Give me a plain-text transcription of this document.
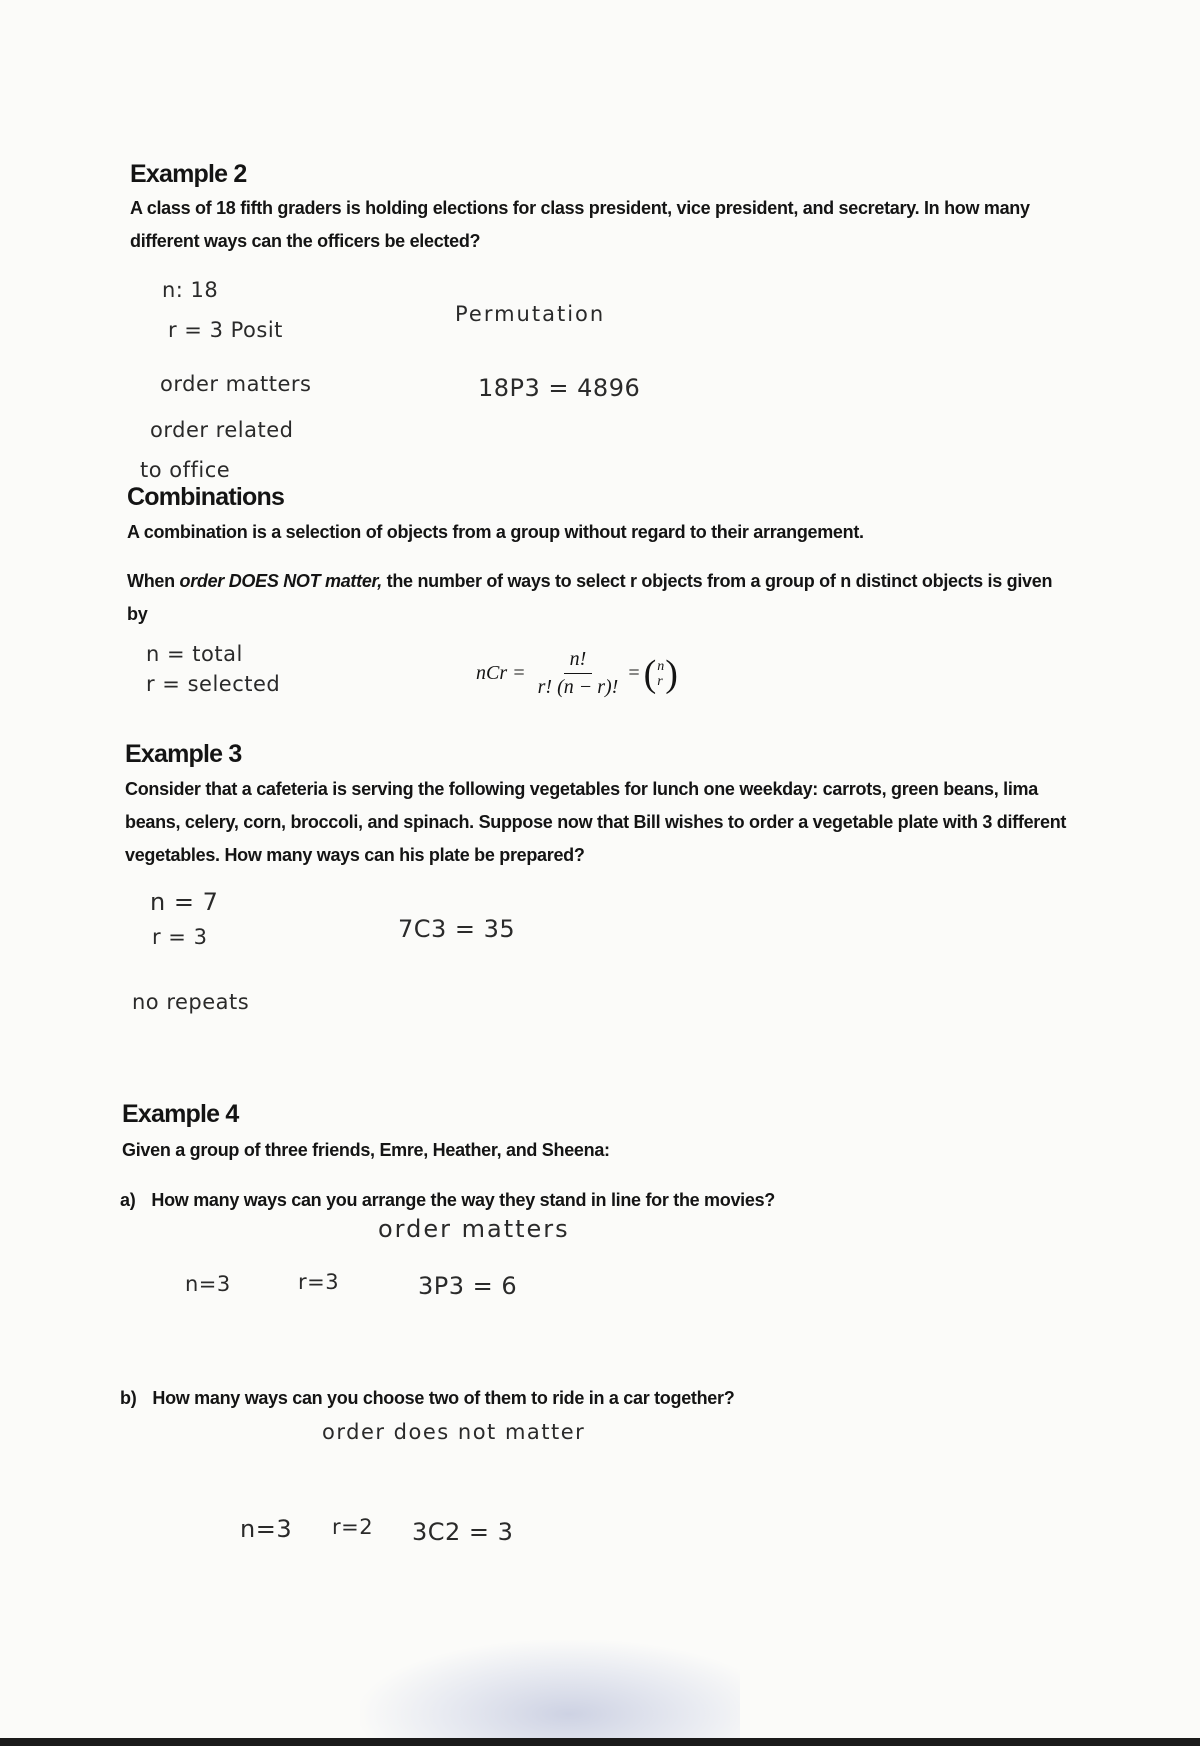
Example 2
A class of 18 fifth graders is holding elections for class president, vice president, and secretary. In how many different ways can the officers be elected?
n: 18
r = 3 Posit
Permutation
order matters	18P3 = 4896
order related
to office
Combinations
A combination is a selection of objects from a group without regard to their arrangement.
When order DOES NOT matter, the number of ways to select r objects from a group of n distinct objects is given by
n = total
r = selected	nCr = $\frac{n!}{r! (n - r)!}$ = ( n
r )
Example 3
Consider that a cafeteria is serving the following vegetables for lunch one weekday: carrots, green beans, lima beans, celery, corn, broccoli, and spinach. Suppose now that Bill wishes to order a vegetable plate with 3 different vegetables. How many ways can his plate be prepared?
n = 7
r = 3	7C3 = 35
no repeats
Example 4
Given a group of three friends, Emre, Heather, and Sheena:
a) How many ways can you arrange the way they stand in line for the movies?
order matters
n=3	r=3	3P3 = 6
b) How many ways can you choose two of them to ride in a car together?
order does not matter
n=3 r=2 3C2 = 3
